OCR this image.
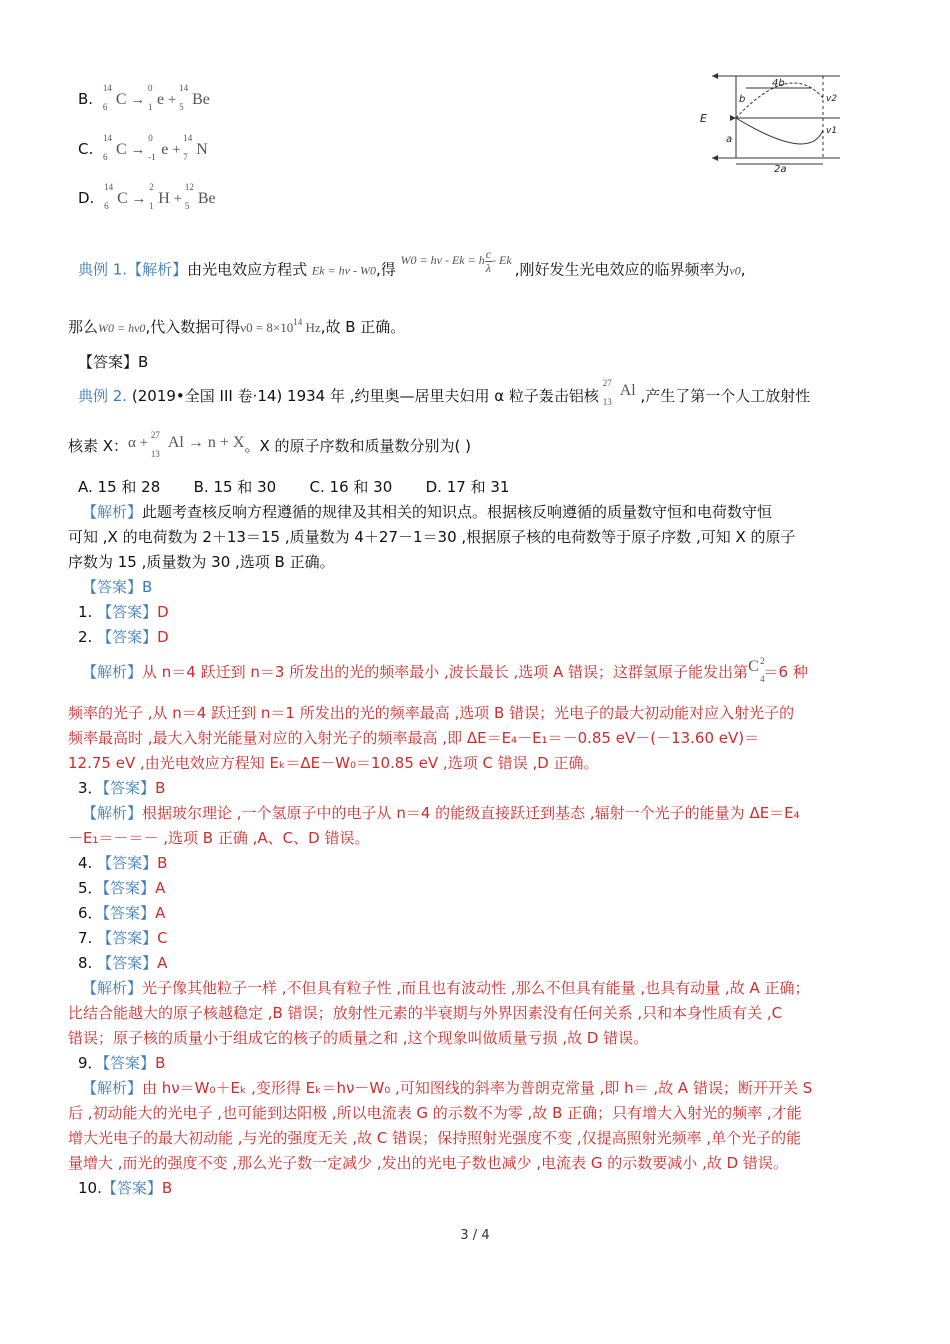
B.
14
6 C →
0
1 e +
14
5 Be
C.
14
6 C →
0
-1 e +
14
7 N
D.
14
6 C →
2
1 H +
12
5 Be
E
4b
b
a
2a
v2
v1
典例 1.【解析】由光电效应方程式 Ek = hν - W0,得 $^{W0 = h\nu - Ek = h \frac{c}{\lambda}- Ek}$ ,刚好发生光电效应的临界频率为ν0,
那么W0 = hν0,代入数据可得$\nu 0 = 8\times 10^{14}$ Hz,故 B 正确。
【答案】B
典例 2. (2019•全国 III 卷·14) 1934 年 ,约里奥—居里夫妇用 α 粒子轰击铝核
27
13
Al ,产生了第一个人工放射性
核素 X：α + 27
13
Al → n + X。X 的原子序数和质量数分别为( )
A. 15 和 28       B. 15 和 30       C. 16 和 30       D. 17 和 31
【解析】此题考查核反响方程遵循的规律及其相关的知识点。根据核反响遵循的质量数守恒和电荷数守恒
可知 ,X 的电荷数为 2＋13＝15 ,质量数为 4＋27－1＝30 ,根据原子核的电荷数等于原子序数 ,可知 X 的原子
序数为 15 ,质量数为 30 ,选项 B 正确。
【答案】B
1. 【答案】D
2. 【答案】D
【解析】从 n＝4 跃迁到 n＝3 所发出的光的频率最小 ,波长最长 ,选项 A 错误；这群氢原子能发出第C 2
4
＝6 种
频率的光子 ,从 n＝4 跃迁到 n＝1 所发出的光的频率最高 ,选项 B 错误；光电子的最大初动能对应入射光子的
频率最高时 ,最大入射光能量对应的入射光子的频率最高 ,即 ΔE＝E₄－E₁＝－0.85 eV－(－13.60 eV)＝
12.75 eV ,由光电效应方程知 Eₖ＝ΔE－W₀＝10.85 eV ,选项 C 错误 ,D 正确。
3．【答案】B
【解析】根据玻尔理论 ,一个氢原子中的电子从 n＝4 的能级直接跃迁到基态 ,辐射一个光子的能量为 ΔE＝E₄
－E₁＝－＝－ ,选项 B 正确 ,A、C、D 错误。
4. 【答案】B
5．【答案】A
6．【答案】A
7. 【答案】C
8. 【答案】A
【解析】光子像其他粒子一样 ,不但具有粒子性 ,而且也有波动性 ,那么不但具有能量 ,也具有动量 ,故 A 正确；
比结合能越大的原子核越稳定 ,B 错误；放射性元素的半衰期与外界因素没有任何关系 ,只和本身性质有关 ,C
错误；原子核的质量小于组成它的核子的质量之和 ,这个现象叫做质量亏损 ,故 D 错误。
9．【答案】B
【解析】由 hν＝W₀＋Eₖ ,变形得 Eₖ＝hν－W₀ ,可知图线的斜率为普朗克常量 ,即 h＝ ,故 A 错误；断开开关 S
后 ,初动能大的光电子 ,也可能到达阳极 ,所以电流表 G 的示数不为零 ,故 B 正确；只有增大入射光的频率 ,才能
增大光电子的最大初动能 ,与光的强度无关 ,故 C 错误；保持照射光强度不变 ,仅提高照射光频率 ,单个光子的能
量增大 ,而光的强度不变 ,那么光子数一定减少 ,发出的光电子数也减少 ,电流表 G 的示数要减小 ,故 D 错误。
10.【答案】B
3 / 4
